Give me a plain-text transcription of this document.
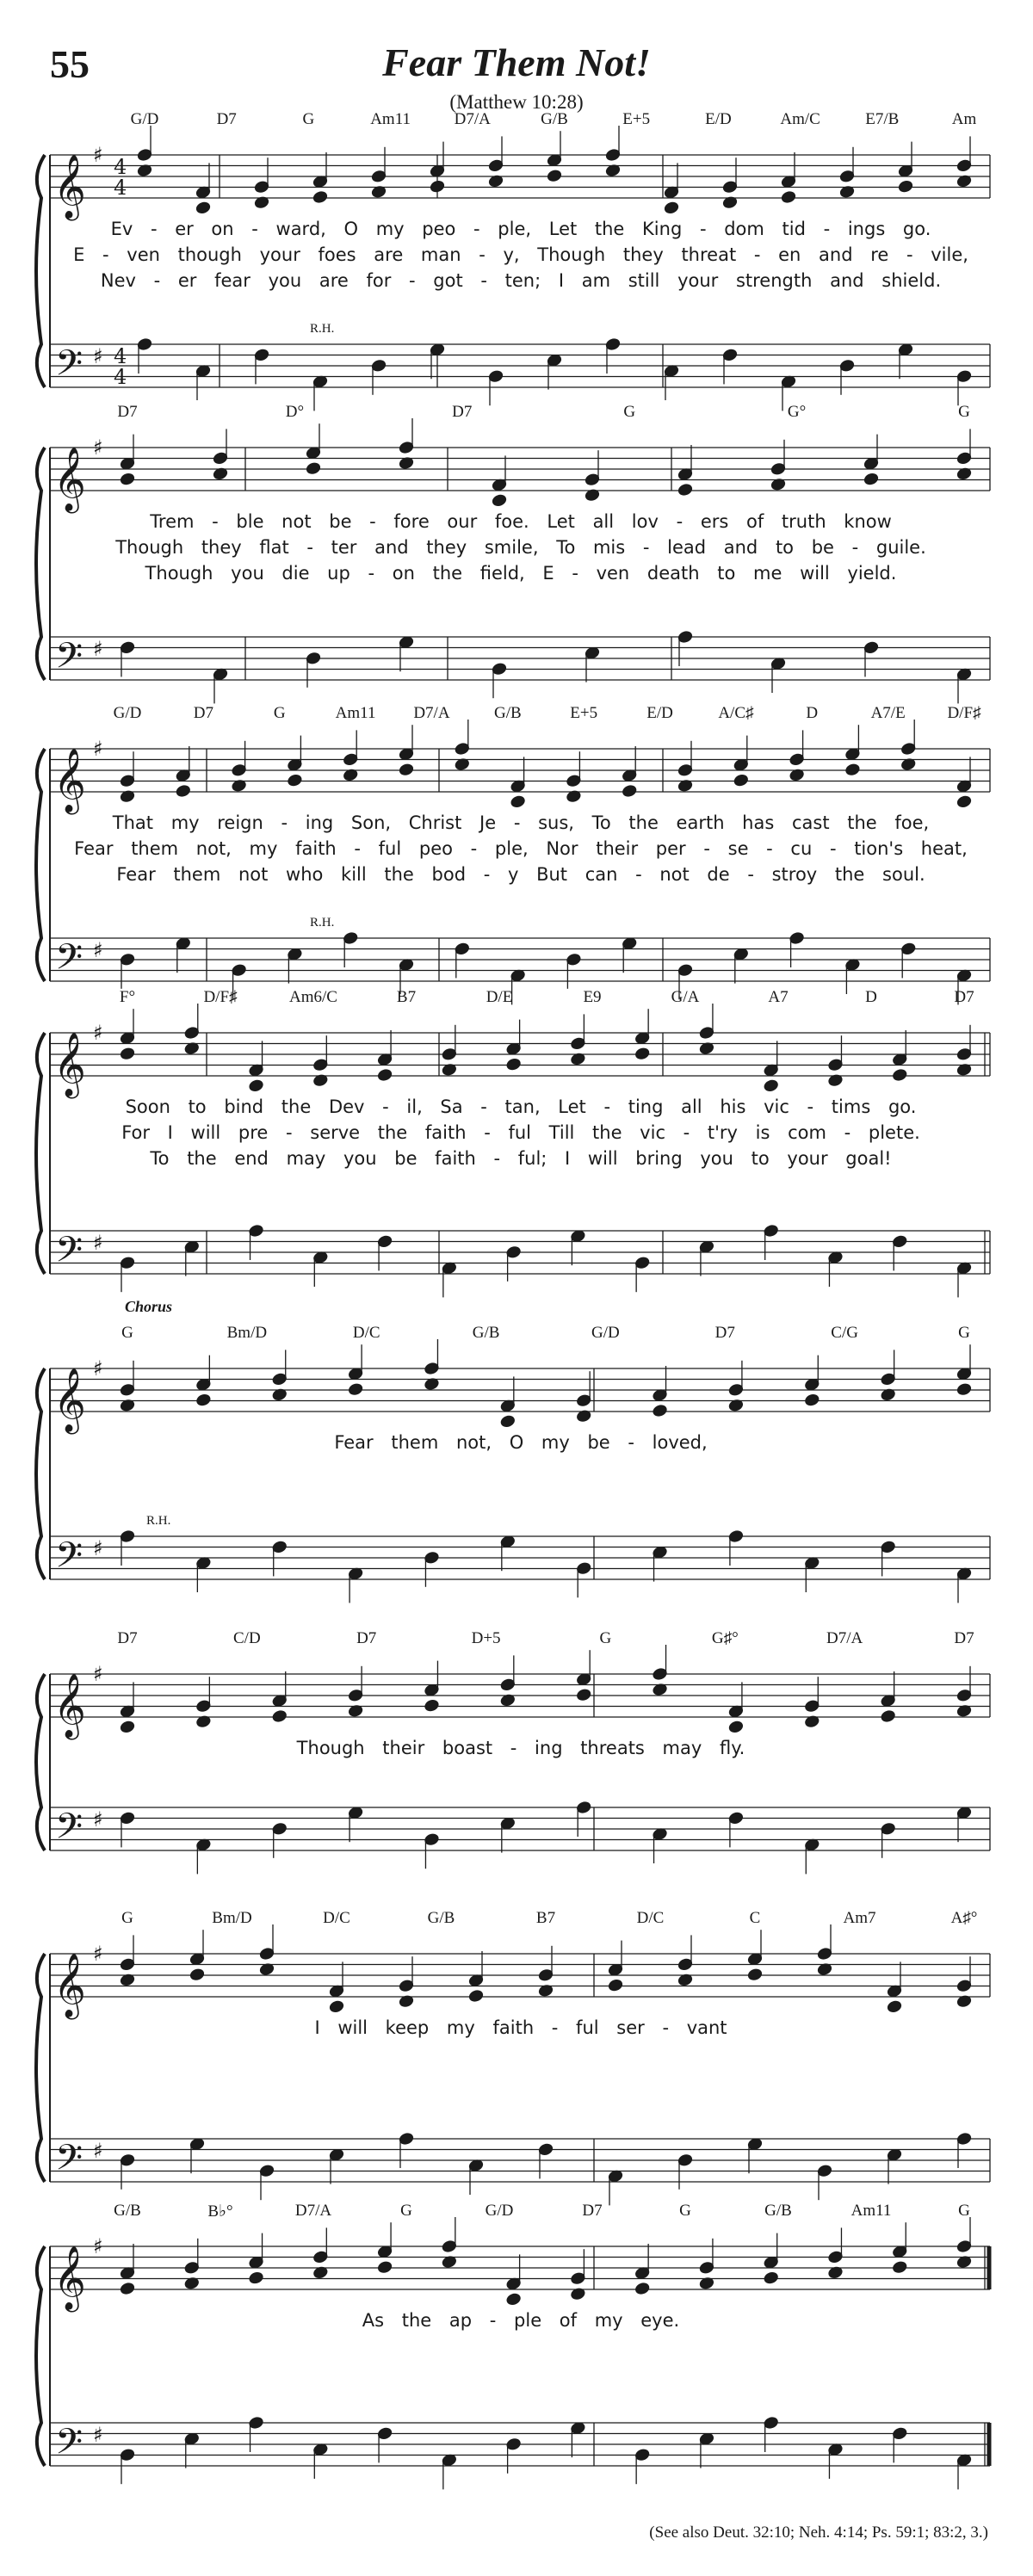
55	Fear Them Not!
(Matthew 10:28)
𝄞
𝄢
♯
♯
4
4
4
4
𝄞
𝄢
♯
♯
𝄞
𝄢
♯
♯
𝄞
𝄢
♯
♯
𝄞
𝄢
♯
♯
𝄞
𝄢
♯
♯
𝄞
𝄢
♯
♯
𝄞
𝄢
♯
♯
G/D	D7	G	Am11	D7/A	G/B	E+5	E/D	Am/C	E7/B	Am
Ev - er on - ward, O my peo - ple, Let the King - dom tid - ings go.
E - ven though your foes are man - y, Though they threat - en and re - vile,
Nev - er fear you are for - got - ten; I am still your strength and shield.
R.H.
D7	D°	D7	G	G°	G
Trem - ble not be - fore our foe. Let all lov - ers of truth know
Though they flat - ter and they smile, To mis - lead and to be - guile.
Though you die up - on the field, E - ven death to me will yield.
G/D	D7	G	Am11 D7/A	G/B	E+5	E/D	A/C♯	D	A7/E	D/F♯
That my reign - ing Son, Christ Je - sus, To the earth has cast the foe,
Fear them not, my faith - ful peo - ple, Nor their per - se - cu - tion's heat,
Fear them not who kill the bod - y But can - not de - stroy the soul.
R.H.
F°	D/F♯	Am6/C	B7	D/E	E9	G/A	A7	D	D7
Soon to bind the Dev - il, Sa - tan, Let - ting all his vic - tims go.
For I will pre - serve the faith - ful Till the vic - t'ry is com - plete.
To the end may you be faith - ful; I will bring you to your goal!
G	Bm/D	D/C	G/B	G/D	D7	C/G	G
Fear them not, O my be - loved,
R.H.
Chorus
D7	C/D	D7	D+5	G	G♯°	D7/A	D7
Though their boast - ing threats may fly.
G	Bm/D	D/C	G/B	B7	D/C	C	Am7	A♯°
I will keep my faith - ful ser - vant
G/B	B♭°	D7/A	G	G/D	D7	G	G/B	Am11	G
As the ap - ple of my eye.
(See also Deut. 32:10; Neh. 4:14; Ps. 59:1; 83:2, 3.)
